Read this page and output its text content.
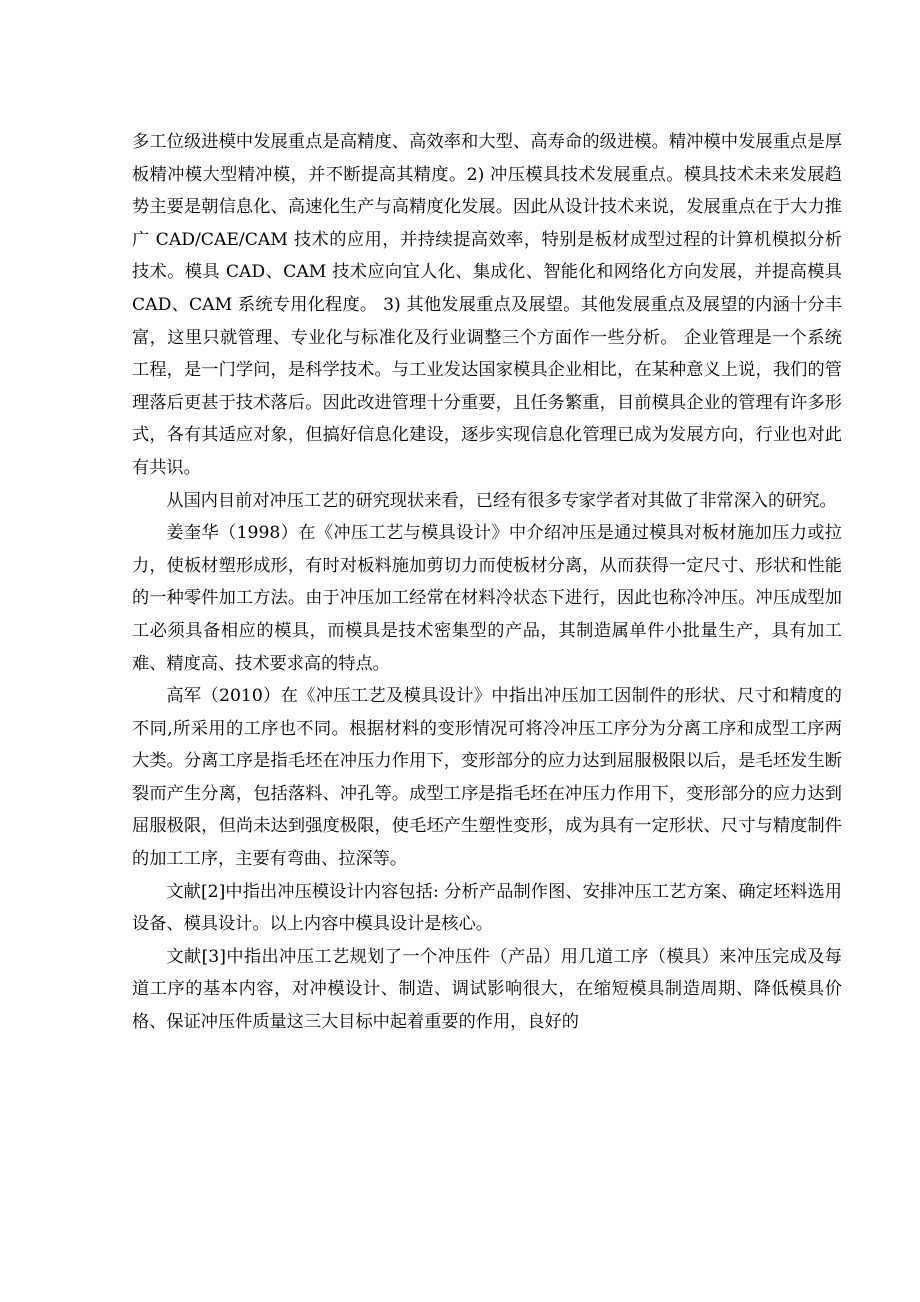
多工位级进模中发展重点是高精度、高效率和大型、高寿命的级进模。精冲模中发展重点是厚板精冲模大型精冲模，并不断提高其精度。2) 冲压模具技术发展重点。模具技术未来发展趋势主要是朝信息化、高速化生产与高精度化发展。因此从设计技术来说，发展重点在于大力推广 CAD/CAE/CAM 技术的应用，并持续提高效率，特别是板材成型过程的计算机模拟分析技术。模具 CAD、CAM 技术应向宜人化、集成化、智能化和网络化方向发展，并提高模具 CAD、CAM 系统专用化程度。 3) 其他发展重点及展望。其他发展重点及展望的内涵十分丰富，这里只就管理、专业化与标准化及行业调整三个方面作一些分析。 企业管理是一个系统工程，是一门学问，是科学技术。与工业发达国家模具企业相比，在某种意义上说，我们的管理落后更甚于技术落后。因此改进管理十分重要，且任务繁重，目前模具企业的管理有许多形式，各有其适应对象，但搞好信息化建设，逐步实现信息化管理已成为发展方向，行业也对此有共识。

从国内目前对冲压工艺的研究现状来看，已经有很多专家学者对其做了非常深入的研究。

姜奎华（1998）在《冲压工艺与模具设计》中介绍冲压是通过模具对板材施加压力或拉力，使板材塑形成形，有时对板料施加剪切力而使板材分离，从而获得一定尺寸、形状和性能的一种零件加工方法。由于冲压加工经常在材料冷状态下进行，因此也称冷冲压。冲压成型加工必须具备相应的模具，而模具是技术密集型的产品，其制造属单件小批量生产，具有加工难、精度高、技术要求高的特点。

高军（2010）在《冲压工艺及模具设计》中指出冲压加工因制件的形状、尺寸和精度的不同,所采用的工序也不同。根据材料的变形情况可将冷冲压工序分为分离工序和成型工序两大类。分离工序是指毛坯在冲压力作用下，变形部分的应力达到屈服极限以后，是毛坯发生断裂而产生分离，包括落料、冲孔等。成型工序是指毛坯在冲压力作用下，变形部分的应力达到屈服极限，但尚未达到强度极限，使毛坯产生塑性变形，成为具有一定形状、尺寸与精度制件的加工工序，主要有弯曲、拉深等。

文献[2]中指出冲压模设计内容包括: 分析产品制作图、安排冲压工艺方案、确定坯料选用设备、模具设计。以上内容中模具设计是核心。

文献[3]中指出冲压工艺规划了一个冲压件（产品）用几道工序（模具）来冲压完成及每道工序的基本内容，对冲模设计、制造、调试影响很大，在缩短模具制造周期、降低模具价格、保证冲压件质量这三大目标中起着重要的作用，良好的
